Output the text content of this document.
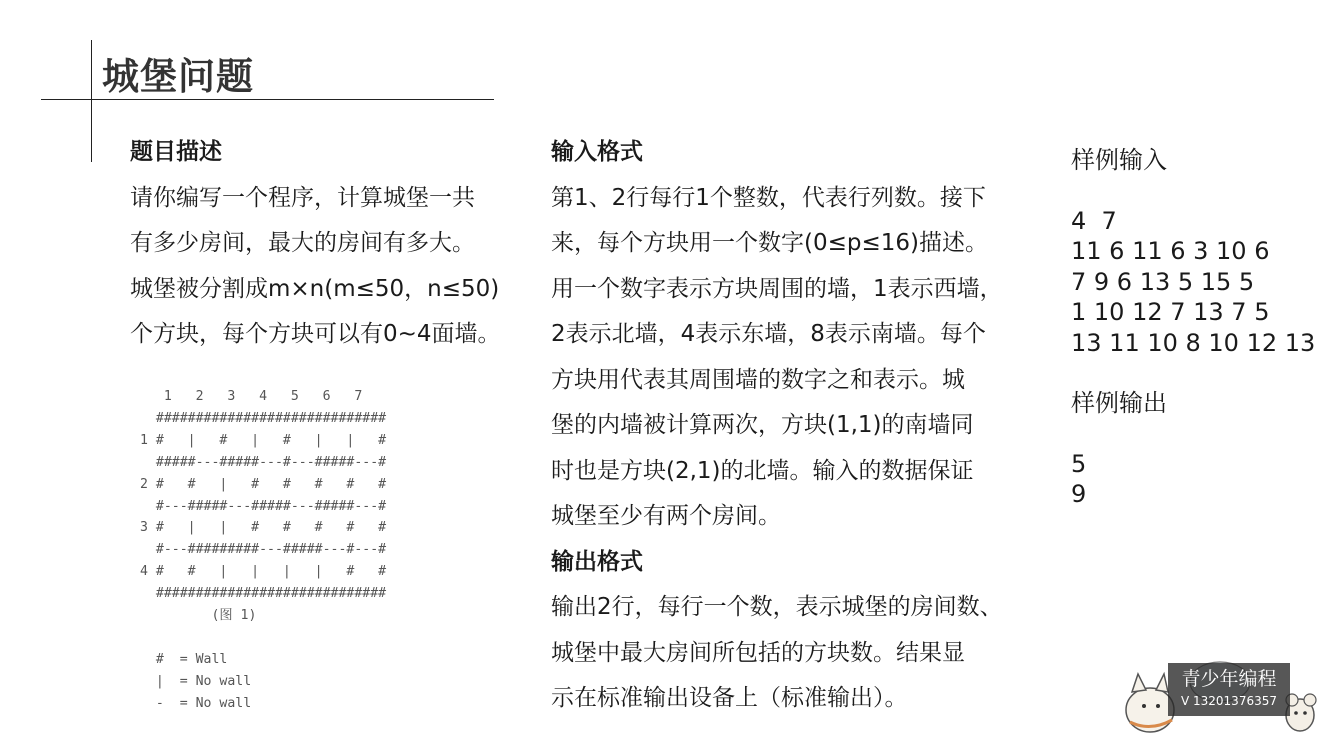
城堡问题

题目描述

请你编写一个程序，计算城堡一共

有多少房间，最大的房间有多大。

城堡被分割成m×n(m≤50，n≤50)

个方块，每个方块可以有0~4面墙。

1   2   3   4   5   6   7
#############################
1 #   |   #   |   #   |   |   #
#####---#####---#---#####---#
2 #   #   |   #   #   #   #   #
#---#####---#####---#####---#
3 #   |   |   #   #   #   #   #
#---#########---#####---#---#
4 #   #   |   |   |   |   #   #
#############################
(图 1)

#  = Wall
|  = No wall
-  = No wall

输入格式

第1、2行每行1个整数，代表行列数。接下

来，每个方块用一个数字(0≤p≤16)描述。

用一个数字表示方块周围的墙，1表示西墙，

2表示北墙，4表示东墙，8表示南墙。每个

方块用代表其周围墙的数字之和表示。城

堡的内墙被计算两次，方块(1,1)的南墙同

时也是方块(2,1)的北墙。输入的数据保证

城堡至少有两个房间。

输出格式

输出2行，每行一个数，表示城堡的房间数、

城堡中最大房间所包括的方块数。结果显

示在标准输出设备上（标准输出）。

样例输入
4  7
11 6 11 6 3 10 6
7 9 6 13 5 15 5
1 10 12 7 13 7 5
13 11 10 8 10 12 13
样例输出
5
9
青少年编程
V 13201376357
